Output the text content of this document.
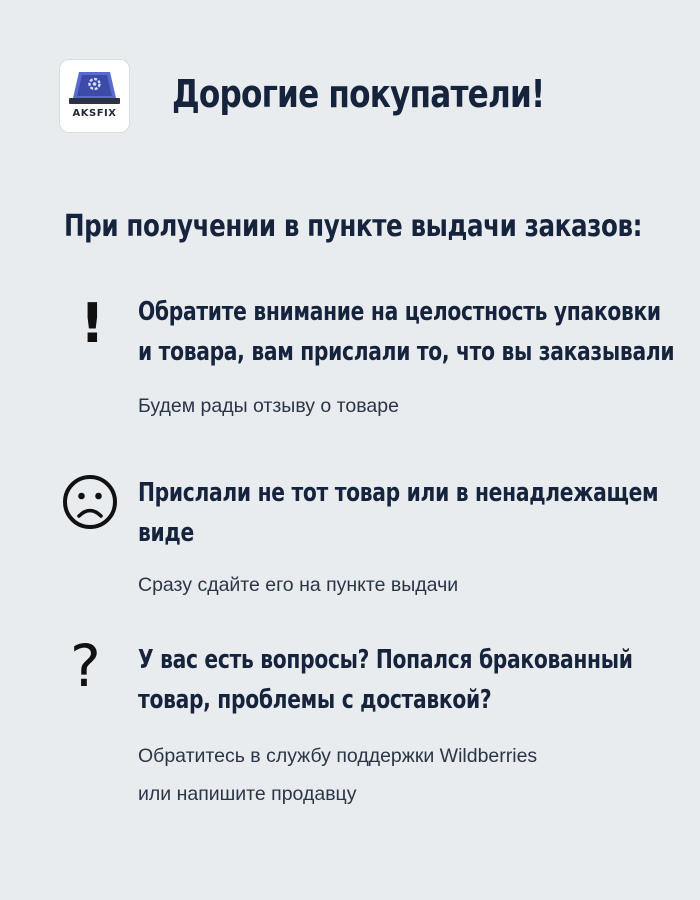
AKSFIX	Дорогие покупатели!
При получении в пункте выдачи заказов:
! Обратите внимание на целостность упаковки
и товара, вам прислали то, что вы заказывали
Будем рады отзыву о товаре
Прислали не тот товар или в ненадлежащем
виде
Сразу сдайте его на пункте выдачи
? У вас есть вопросы? Попался бракованный
товар, проблемы с доставкой?
Обратитесь в службу поддержки Wildberries
или напишите продавцу
